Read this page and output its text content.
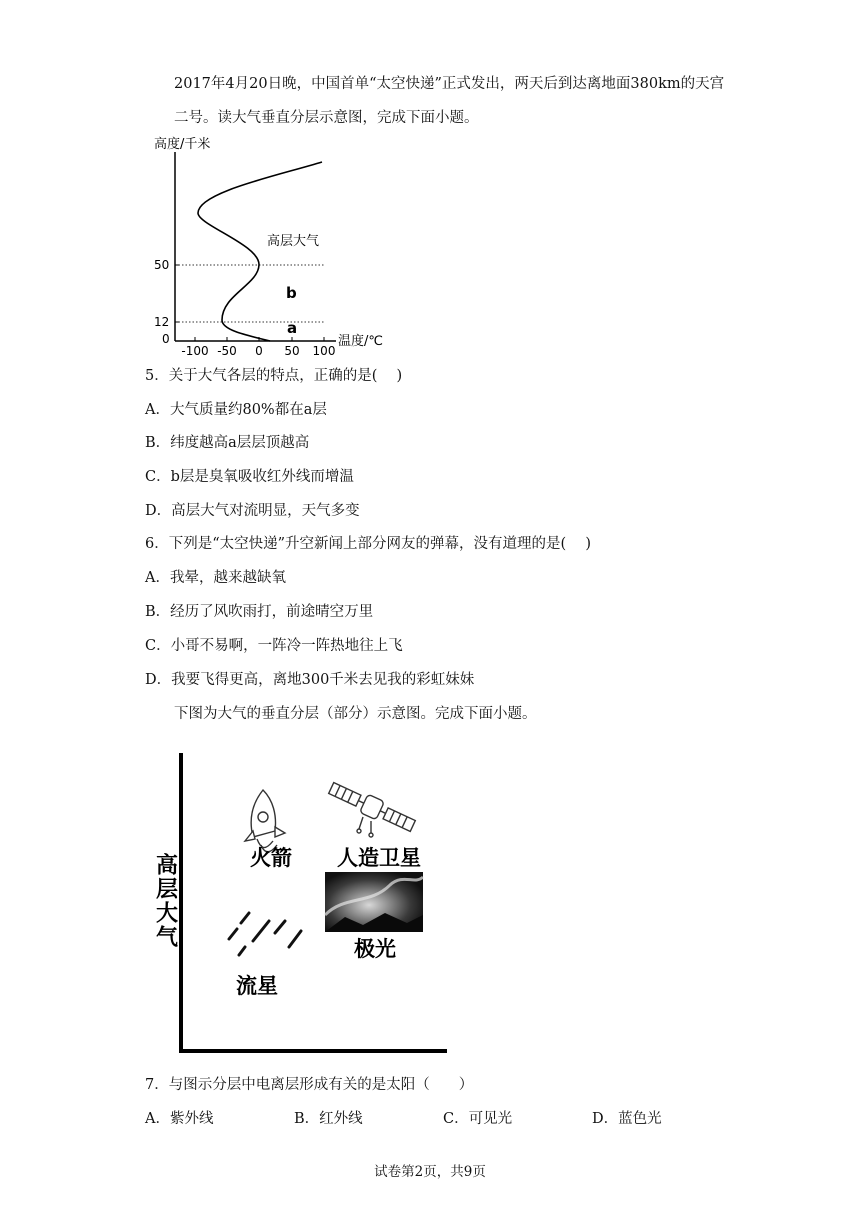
2017年4月20日晚，中国首单“太空快递”正式发出，两天后到达离地面380km的天宫二号。读大气垂直分层示意图，完成下面小题。
高度/千米
温度/℃
50
12
0
-100 -50 0 50 100
高层大气
b
a
5．关于大气各层的特点，正确的是(　 )
A．大气质量约80%都在a层
B．纬度越高a层层顶越高
C．b层是臭氧吸收红外线而增温
D．高层大气对流明显，天气多变
6．下列是“太空快递”升空新闻上部分网友的弹幕，没有道理的是(　 )
A．我晕，越来越缺氧
B．经历了风吹雨打，前途晴空万里
C．小哥不易啊，一阵冷一阵热地往上飞
D．我要飞得更高，离地300千米去见我的彩虹妹妹
下图为大气的垂直分层（部分）示意图。完成下面小题。
高层大气	火箭 人造卫星
极光
流星
7．与图示分层中电离层形成有关的是太阳（　　）
A．紫外线	B．红外线	C．可见光	D．蓝色光
试卷第2页，共9页
